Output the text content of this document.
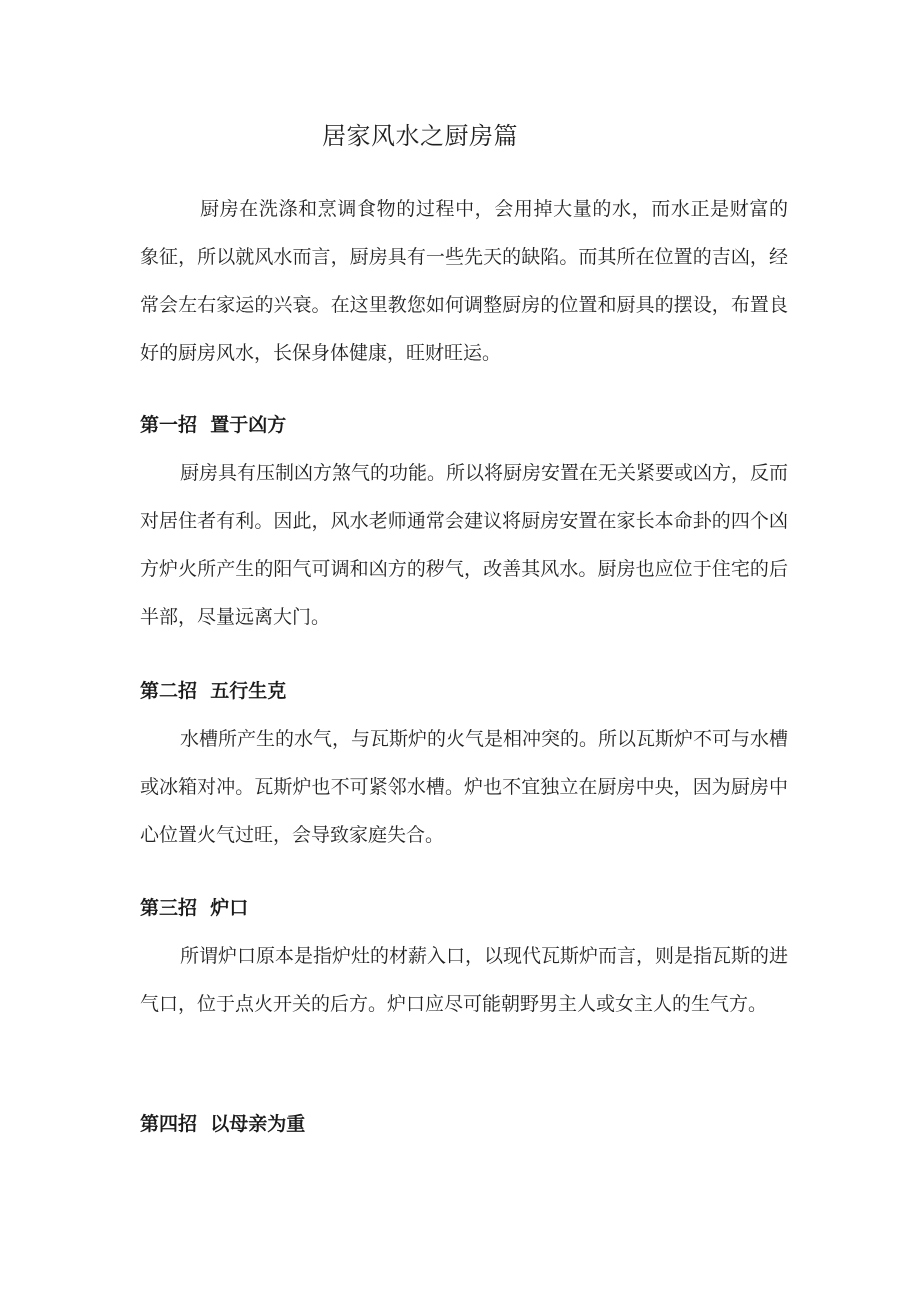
居家风水之厨房篇

厨房在洗涤和烹调食物的过程中，会用掉大量的水，而水正是财富的象征，所以就风水而言，厨房具有一些先天的缺陷。而其所在位置的吉凶，经常会左右家运的兴衰。在这里教您如何调整厨房的位置和厨具的摆设，布置良好的厨房风水，长保身体健康，旺财旺运。

第一招  置于凶方

厨房具有压制凶方煞气的功能。所以将厨房安置在无关紧要或凶方，反而对居住者有利。因此，风水老师通常会建议将厨房安置在家长本命卦的四个凶方炉火所产生的阳气可调和凶方的秽气，改善其风水。厨房也应位于住宅的后半部，尽量远离大门。

第二招  五行生克

水槽所产生的水气，与瓦斯炉的火气是相冲突的。所以瓦斯炉不可与水槽或冰箱对冲。瓦斯炉也不可紧邻水槽。炉也不宜独立在厨房中央，因为厨房中心位置火气过旺，会导致家庭失合。

第三招  炉口

所谓炉口原本是指炉灶的材薪入口，以现代瓦斯炉而言，则是指瓦斯的进气口，位于点火开关的后方。炉口应尽可能朝野男主人或女主人的生气方。

第四招  以母亲为重
